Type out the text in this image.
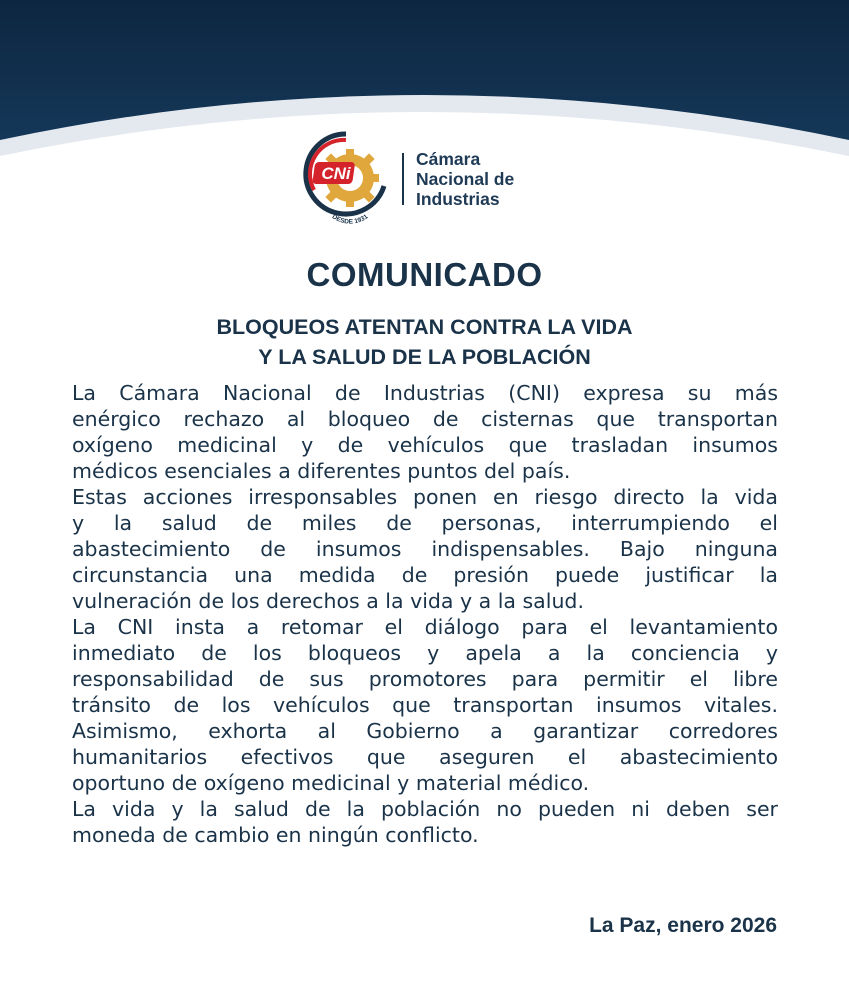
CNi
DESDE 1931
Cámara
Nacional de
Industrias
COMUNICADO
BLOQUEOS ATENTAN CONTRA LA VIDA
Y LA SALUD DE LA POBLACIÓN

La Cámara Nacional de Industrias (CNI) expresa su más
enérgico rechazo al bloqueo de cisternas que transportan
oxígeno medicinal y de vehículos que trasladan insumos
médicos esenciales a diferentes puntos del país.

Estas acciones irresponsables ponen en riesgo directo la vida
y la salud de miles de personas, interrumpiendo el
abastecimiento de insumos indispensables. Bajo ninguna
circunstancia una medida de presión puede justificar la
vulneración de los derechos a la vida y a la salud.

La CNI insta a retomar el diálogo para el levantamiento
inmediato de los bloqueos y apela a la conciencia y
responsabilidad de sus promotores para permitir el libre
tránsito de los vehículos que transportan insumos vitales.
Asimismo, exhorta al Gobierno a garantizar corredores
humanitarios efectivos que aseguren el abastecimiento
oportuno de oxígeno medicinal y material médico.

La vida y la salud de la población no pueden ni deben ser
moneda de cambio en ningún conflicto.

La Paz, enero 2026
